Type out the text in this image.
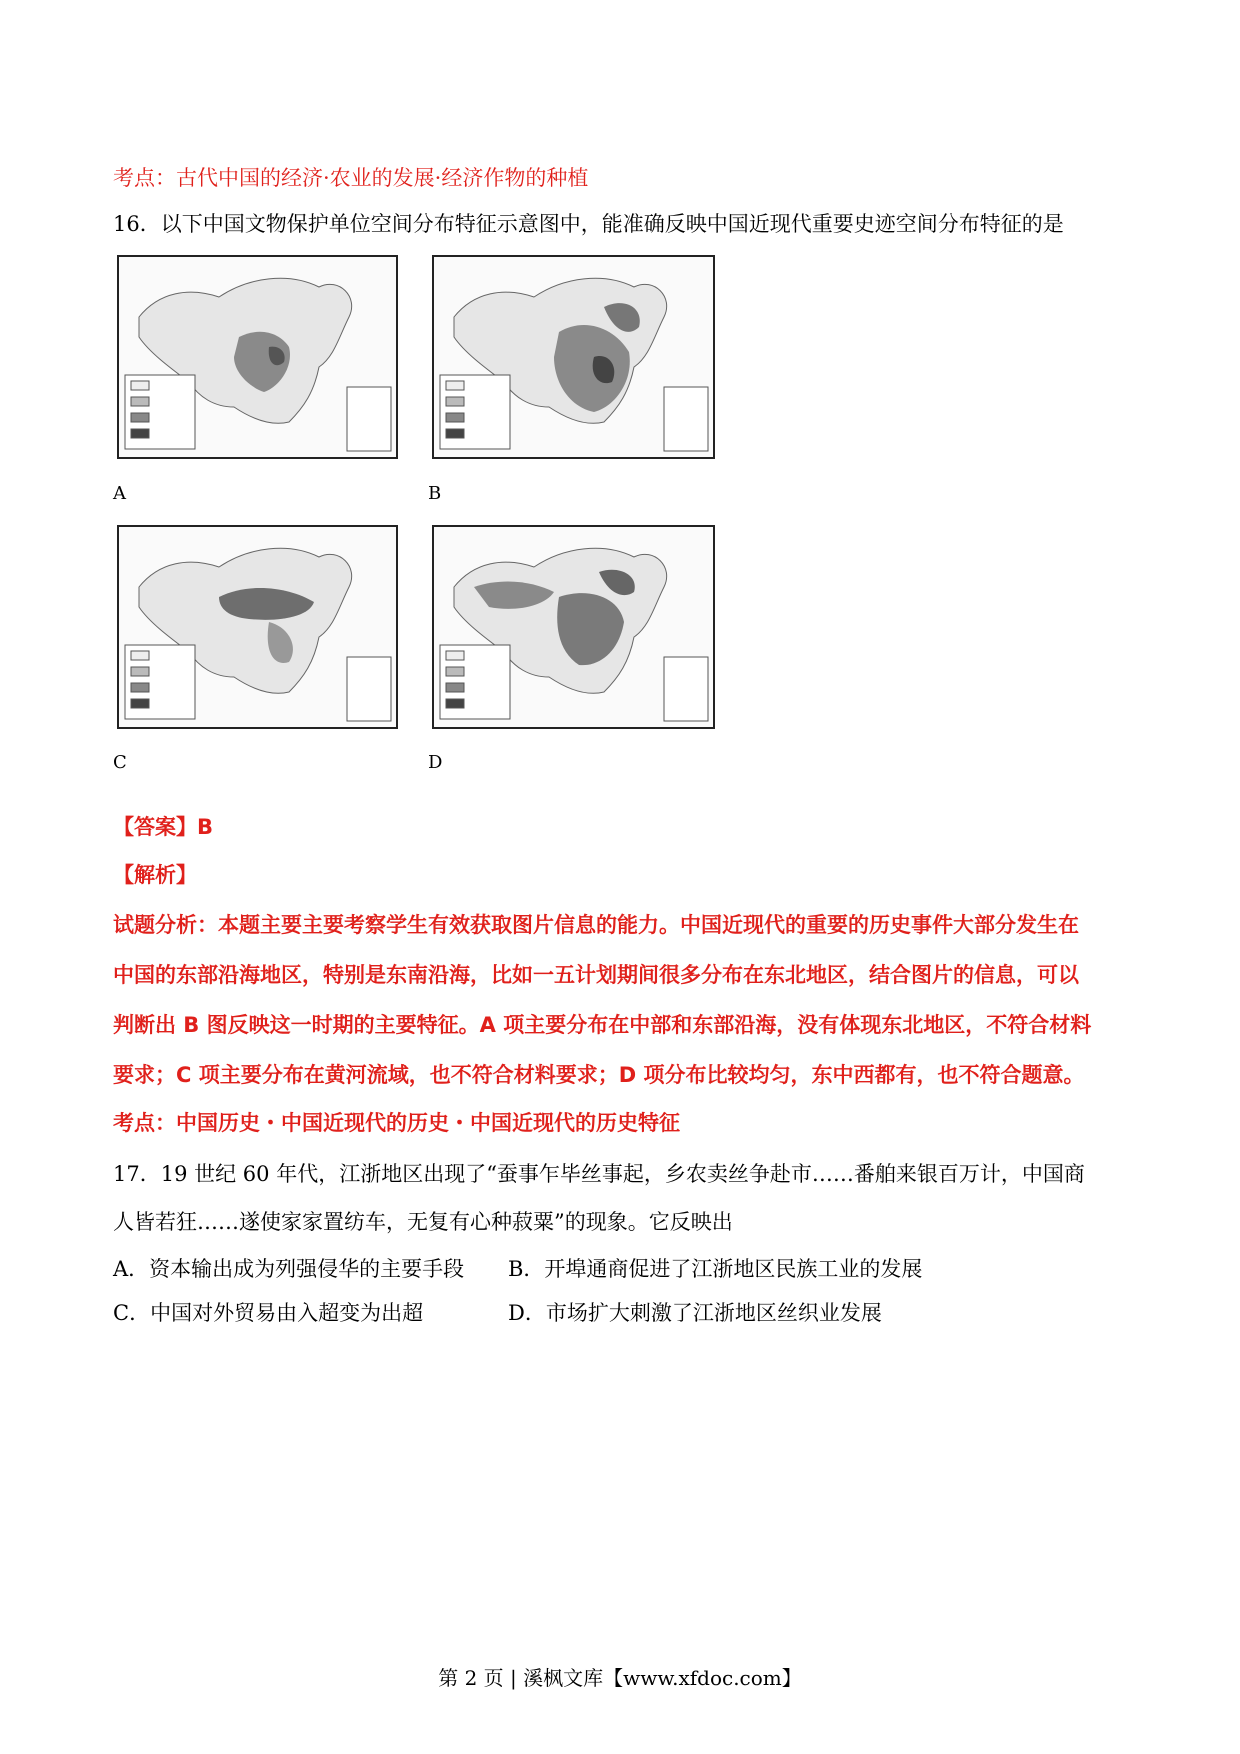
考点：古代中国的经济·农业的发展·经济作物的种植
16．以下中国文物保护单位空间分布特征示意图中，能准确反映中国近现代重要史迹空间分布特征的是
A	B
C	D
【答案】B
【解析】
试题分析：本题主要主要考察学生有效获取图片信息的能力。中国近现代的重要的历史事件大部分发生在
中国的东部沿海地区，特别是东南沿海，比如一五计划期间很多分布在东北地区，结合图片的信息，可以
判断出 B 图反映这一时期的主要特征。A 项主要分布在中部和东部沿海，没有体现东北地区，不符合材料
要求；C 项主要分布在黄河流域，也不符合材料要求；D 项分布比较均匀，东中西都有，也不符合题意。
考点：中国历史・中国近现代的历史・中国近现代的历史特征
17．19 世纪 60 年代，江浙地区出现了“蚕事乍毕丝事起，乡农卖丝争赴市……番舶来银百万计，中国商
人皆若狂……遂使家家置纺车，无复有心种菽粟”的现象。它反映出
A．资本输出成为列强侵华的主要手段 B．开埠通商促进了江浙地区民族工业的发展
C．中国对外贸易由入超变为出超	D．市场扩大刺激了江浙地区丝织业发展
第 2 页 | 溪枫文库【www.xfdoc.com】
